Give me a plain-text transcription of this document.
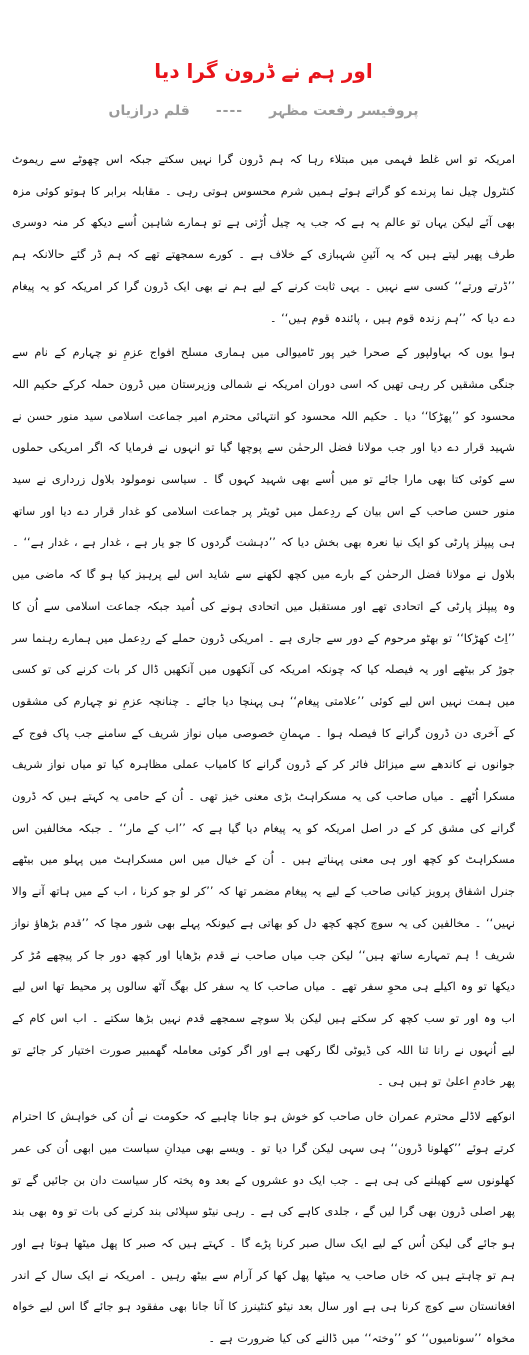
اور ہم نے ڈرون گرا دیا
پروفیسر رفعت مظہر
----
قلم درازیاں

امریکہ تو اس غلط فہمی میں مبتلاء رہا کہ ہم ڈرون گرا نہیں سکتے جبکہ اس چھوٹے سے ریموٹ کنٹرول چیل نما پرندے کو گراتے ہوئے ہمیں شرم محسوس ہوتی رہی ۔ مقابلہ برابر کا ہوتو کوئی مزہ بھی آئے لیکن یہاں تو عالم یہ ہے کہ جب یہ چیل اُڑتی ہے تو ہمارے شاہین اُسے دیکھ کر منہ دوسری طرف پھیر لیتے ہیں کہ یہ آئینِ شہبازی کے خلاف ہے ۔ کورے سمجھتے تھے کہ ہم ڈر گئے حالانکہ ہم ’’ڈرتے ورتے‘‘ کسی سے نہیں ۔ یہی ثابت کرنے کے لیے ہم نے بھی ایک ڈرون گرا کر امریکہ کو یہ پیغام دے دیا کہ ’’ہم زندہ قوم ہیں ، پائندہ قوم ہیں‘‘ ۔

ہوا یوں کہ بہاولپور کے صحرا خیر پور ٹامیوالی میں ہماری مسلح افواج عزمِ نو چہارم کے نام سے جنگی مشقیں کر رہی تھیں کہ اسی دوران امریکہ نے شمالی وزیرستان میں ڈرون حملہ کرکے حکیم اللہ محسود کو ’’پھڑکا‘‘ دیا ۔ حکیم اللہ محسود کو انتہائی محترم امیر جماعت اسلامی سید منور حسن نے شہید قرار دے دیا اور جب مولانا فضل الرحمٰن سے پوچھا گیا تو انہوں نے فرمایا کہ اگر امریکی حملوں سے کوئی کتا بھی مارا جائے تو میں اُسے بھی شہید کہوں گا ۔ سیاسی نومولود بلاول زرداری نے سید منور حسن صاحب کے اس بیان کے ردِعمل میں ٹویٹر پر جماعت اسلامی کو غدار قرار دے دیا اور ساتھ ہی پیپلز پارٹی کو ایک نیا نعرہ بھی بخش دیا کہ ’’دہشت گردوں کا جو یار ہے ، غدار ہے ، غدار ہے‘‘ ۔ بلاول نے مولانا فضل الرحمٰن کے بارے میں کچھ لکھنے سے شاید اس لیے پرہیز کیا ہو گا کہ ماضی میں وہ پیپلز پارٹی کے اتحادی تھے اور مستقبل میں اتحادی ہونے کی اُمید جبکہ جماعت اسلامی سے اُن کا ’’اِٹ کھڑکا‘‘ تو بھٹو مرحوم کے دور سے جاری ہے ۔ امریکی ڈرون حملے کے ردِعمل میں ہمارے رہنما سر جوڑ کر بیٹھے اور یہ فیصلہ کیا کہ چونکہ امریکہ کی آنکھوں میں آنکھیں ڈال کر بات کرنے کی تو کسی میں ہمت نہیں اس لیے کوئی ’’علامتی پیغام‘‘ ہی پہنچا دیا جائے ۔ چنانچہ عزمِ نو چہارم کی مشقوں کے آخری دن ڈرون گرانے کا فیصلہ ہوا ۔ مہمانِ خصوصی میاں نواز شریف کے سامنے جب پاک فوج کے جوانوں نے کاندھے سے میزائل فائر کر کے ڈرون گرانے کا کامیاب عملی مظاہرہ کیا تو میاں نواز شریف مسکرا اُٹھے ۔ میاں صاحب کی یہ مسکراہٹ بڑی معنی خیز تھی ۔ اُن کے حامی یہ کہتے ہیں کہ ڈرون گرانے کی مشق کر کے در اصل امریکہ کو یہ پیغام دیا گیا ہے کہ ’’اب کے مار‘‘ ۔ جبکہ مخالفین اس مسکراہٹ کو کچھ اور ہی معنی پہناتے ہیں ۔ اُن کے خیال میں اس مسکراہٹ میں پہلو میں بیٹھے جنرل اشفاق پرویز کیانی صاحب کے لیے یہ پیغام مضمر تھا کہ ’’کر لو جو کرنا ، اب کے میں ہاتھ آنے والا نہیں‘‘ ۔ مخالفین کی یہ سوچ کچھ کچھ دل کو بھاتی ہے کیونکہ پہلے بھی شور مچا کہ ’’قدم بڑھاؤ نواز شریف ! ہم تمہارے ساتھ ہیں‘‘ لیکن جب میاں صاحب نے قدم بڑھایا اور کچھ دور جا کر پیچھے مُڑ کر دیکھا تو وہ اکیلے ہی محوِ سفر تھے ۔ میاں صاحب کا یہ سفر کل بھگ آٹھ سالوں پر محیط تھا اس لیے اب وہ اور تو سب کچھ کر سکتے ہیں لیکن بلا سوچے سمجھے قدم نہیں بڑھا سکتے ۔ اب اس کام کے لیے اُنہوں نے رانا ثنا اللہ کی ڈیوٹی لگا رکھی ہے اور اگر کوئی معاملہ گھمبیر صورت اختیار کر جائے تو پھر خادمِ اعلیٰ تو ہیں ہی ۔

انوکھے لاڈلے محترم عمران خاں صاحب کو خوش ہو جانا چاہیے کہ حکومت نے اُن کی خواہش کا احترام کرتے ہوئے ’’کھلونا ڈرون‘‘ ہی سہی لیکن گرا دیا تو ۔ ویسے بھی میدانِ سیاست میں ابھی اُن کی عمر کھلونوں سے کھیلنے کی ہی ہے ۔ جب ایک دو عشروں کے بعد وہ پختہ کار سیاست دان بن جائیں گے تو پھر اصلی ڈرون بھی گرا لیں گے ، جلدی کاہے کی ہے ۔ رہی نیٹو سپلائی بند کرنے کی بات تو وہ بھی بند ہو جائے گی لیکن اُس کے لیے ایک سال صبر کرنا پڑے گا ۔ کہتے ہیں کہ صبر کا پھل میٹھا ہوتا ہے اور ہم تو چاہتے ہیں کہ خاں صاحب یہ میٹھا پھل کھا کر آرام سے بیٹھ رہیں ۔ امریکہ نے ایک سال کے اندر افغانستان سے کوچ کرنا ہی ہے اور سال بعد نیٹو کنٹینرز کا آنا جانا بھی مفقود ہو جائے گا اس لیے خواہ مخواہ ’’سونامیوں‘‘ کو ’’وختہ‘‘ میں ڈالنے کی کیا ضرورت ہے ۔
